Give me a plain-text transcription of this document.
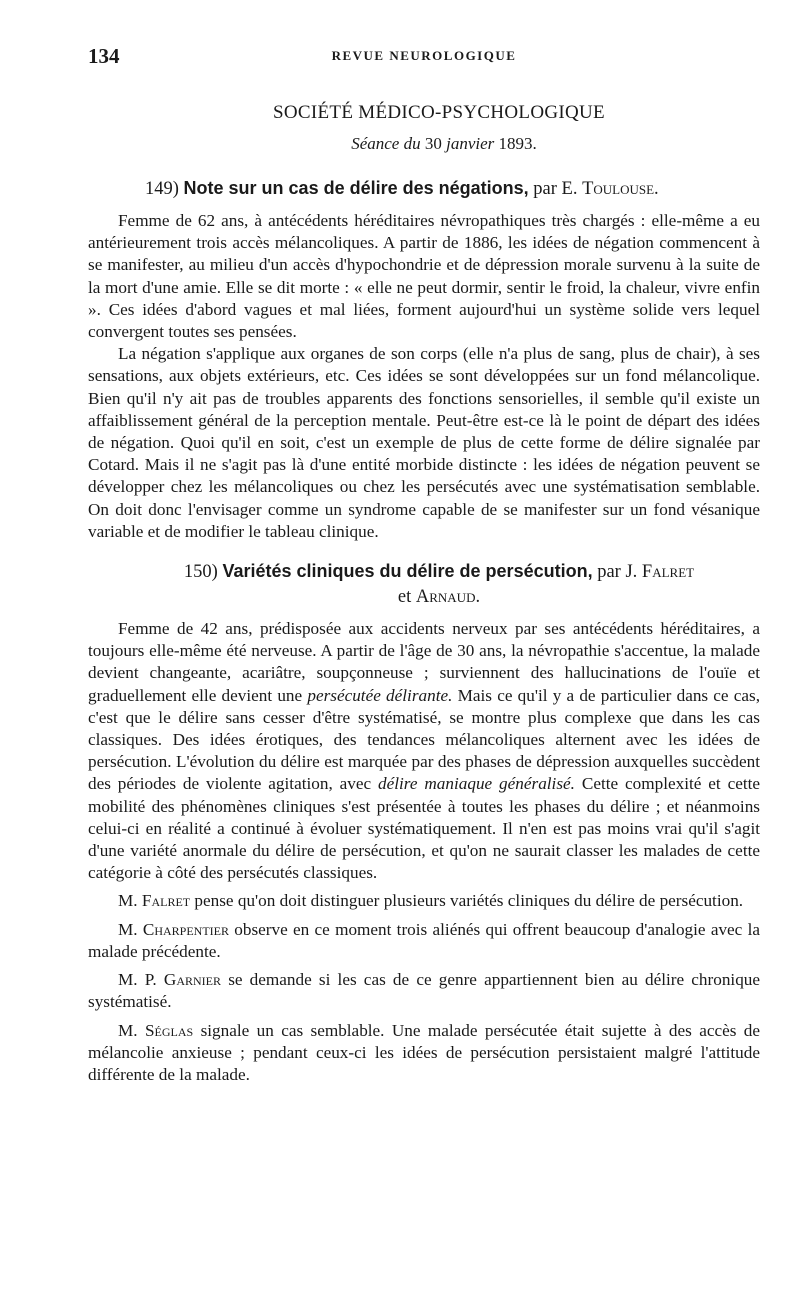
134	REVUE NEUROLOGIQUE
SOCIÉTÉ MÉDICO-PSYCHOLOGIQUE
Séance du 30 janvier 1893.
149) Note sur un cas de délire des négations, par E. Toulouse.

Femme de 62 ans, à antécédents héréditaires névropathiques très chargés : elle-même a eu antérieurement trois accès mélancoliques. A partir de 1886, les idées de négation commencent à se manifester, au milieu d'un accès d'hypochondrie et de dépression morale survenu à la suite de la mort d'une amie. Elle se dit morte : « elle ne peut dormir, sentir le froid, la chaleur, vivre enfin ». Ces idées d'abord vagues et mal liées, forment aujourd'hui un système solide vers lequel convergent toutes ses pensées.

La négation s'applique aux organes de son corps (elle n'a plus de sang, plus de chair), à ses sensations, aux objets extérieurs, etc. Ces idées se sont développées sur un fond mélancolique. Bien qu'il n'y ait pas de troubles apparents des fonctions sensorielles, il semble qu'il existe un affaiblissement général de la perception mentale. Peut-être est-ce là le point de départ des idées de négation. Quoi qu'il en soit, c'est un exemple de plus de cette forme de délire signalée par Cotard. Mais il ne s'agit pas là d'une entité morbide distincte : les idées de négation peuvent se développer chez les mélancoliques ou chez les persécutés avec une systématisation semblable. On doit donc l'envisager comme un syndrome capable de se manifester sur un fond vésanique variable et de modifier le tableau clinique.

150) Variétés cliniques du délire de persécution, par J. Falret
et Arnaud.

Femme de 42 ans, prédisposée aux accidents nerveux par ses antécédents héréditaires, a toujours elle-même été nerveuse. A partir de l'âge de 30 ans, la névropathie s'accentue, la malade devient changeante, acariâtre, soupçonneuse ; surviennent des hallucinations de l'ouïe et graduellement elle devient une persécutée délirante. Mais ce qu'il y a de particulier dans ce cas, c'est que le délire sans cesser d'être systématisé, se montre plus complexe que dans les cas classiques. Des idées érotiques, des tendances mélancoliques alternent avec les idées de persécution. L'évolution du délire est marquée par des phases de dépression auxquelles succèdent des périodes de violente agitation, avec délire maniaque généralisé. Cette complexité et cette mobilité des phénomènes cliniques s'est présentée à toutes les phases du délire ; et néanmoins celui-ci en réalité a continué à évoluer systématiquement. Il n'en est pas moins vrai qu'il s'agit d'une variété anormale du délire de persécution, et qu'on ne saurait classer les malades de cette catégorie à côté des persécutés classiques.

M. Falret pense qu'on doit distinguer plusieurs variétés cliniques du délire de persécution.

M. Charpentier observe en ce moment trois aliénés qui offrent beaucoup d'analogie avec la malade précédente.

M. P. Garnier se demande si les cas de ce genre appartiennent bien au délire chronique systématisé.

M. Séglas signale un cas semblable. Une malade persécutée était sujette à des accès de mélancolie anxieuse ; pendant ceux-ci les idées de persécution persistaient malgré l'attitude différente de la malade.
